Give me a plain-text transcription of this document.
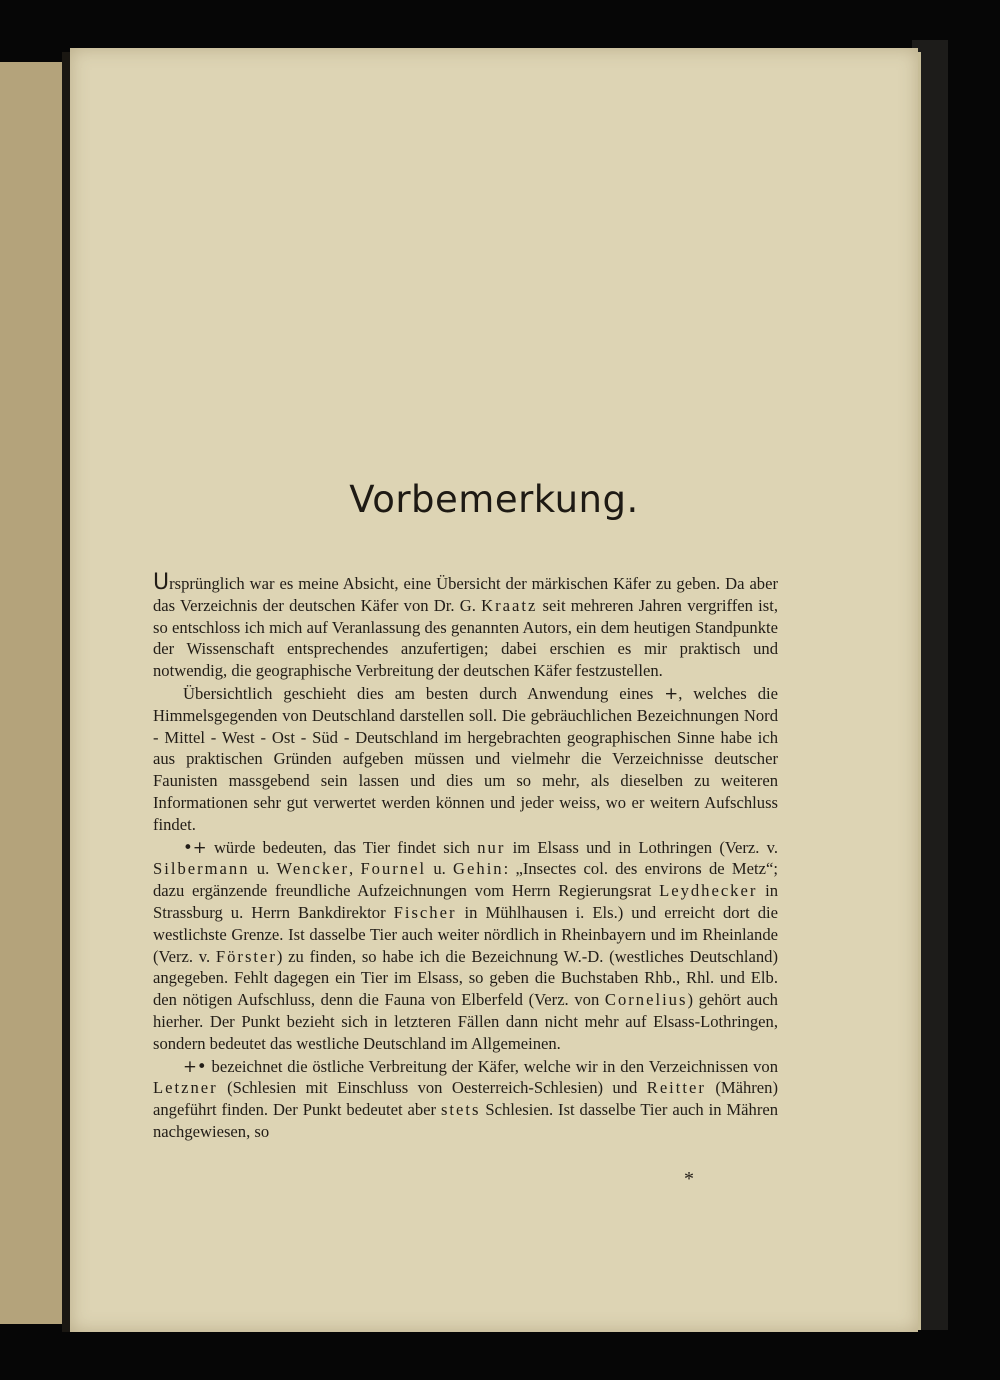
Vorbemerkung.

Ursprünglich war es meine Absicht, eine Übersicht der märkischen Käfer zu geben. Da aber das Verzeichnis der deutschen Käfer von Dr. G. Kraatz seit mehreren Jahren vergriffen ist, so entschloss ich mich auf Veranlassung des genannten Autors, ein dem heutigen Standpunkte der Wissenschaft entsprechendes anzufertigen; dabei erschien es mir praktisch und notwendig, die geographische Verbreitung der deutschen Käfer festzustellen.

Übersichtlich geschieht dies am besten durch Anwendung eines +, welches die Himmelsgegenden von Deutschland darstellen soll. Die gebräuchlichen Bezeichnungen Nord - Mittel - West - Ost - Süd - Deutschland im hergebrachten geographischen Sinne habe ich aus praktischen Gründen aufgeben müssen und vielmehr die Verzeichnisse deutscher Faunisten massgebend sein lassen und dies um so mehr, als dieselben zu weiteren Informationen sehr gut verwertet werden können und jeder weiss, wo er weitern Aufschluss findet.

•+ würde bedeuten, das Tier findet sich nur im Elsass und in Lothringen (Verz. v. Silbermann u. Wencker, Fournel u. Gehin: „Insectes col. des environs de Metz“; dazu ergänzende freundliche Aufzeichnungen vom Herrn Regierungsrat Leydhecker in Strassburg u. Herrn Bankdirektor Fischer in Mühlhausen i. Els.) und erreicht dort die westlichste Grenze. Ist dasselbe Tier auch weiter nördlich in Rheinbayern und im Rheinlande (Verz. v. Förster) zu finden, so habe ich die Bezeichnung W.-D. (westliches Deutschland) angegeben. Fehlt dagegen ein Tier im Elsass, so geben die Buchstaben Rhb., Rhl. und Elb. den nötigen Aufschluss, denn die Fauna von Elberfeld (Verz. von Cornelius) gehört auch hierher. Der Punkt bezieht sich in letzteren Fällen dann nicht mehr auf Elsass-Lothringen, sondern bedeutet das westliche Deutschland im Allgemeinen.

+• bezeichnet die östliche Verbreitung der Käfer, welche wir in den Verzeichnissen von Letzner (Schlesien mit Einschluss von Oesterreich-Schlesien) und Reitter (Mähren) angeführt finden. Der Punkt bedeutet aber stets Schlesien. Ist dasselbe Tier auch in Mähren nachgewiesen, so

*
